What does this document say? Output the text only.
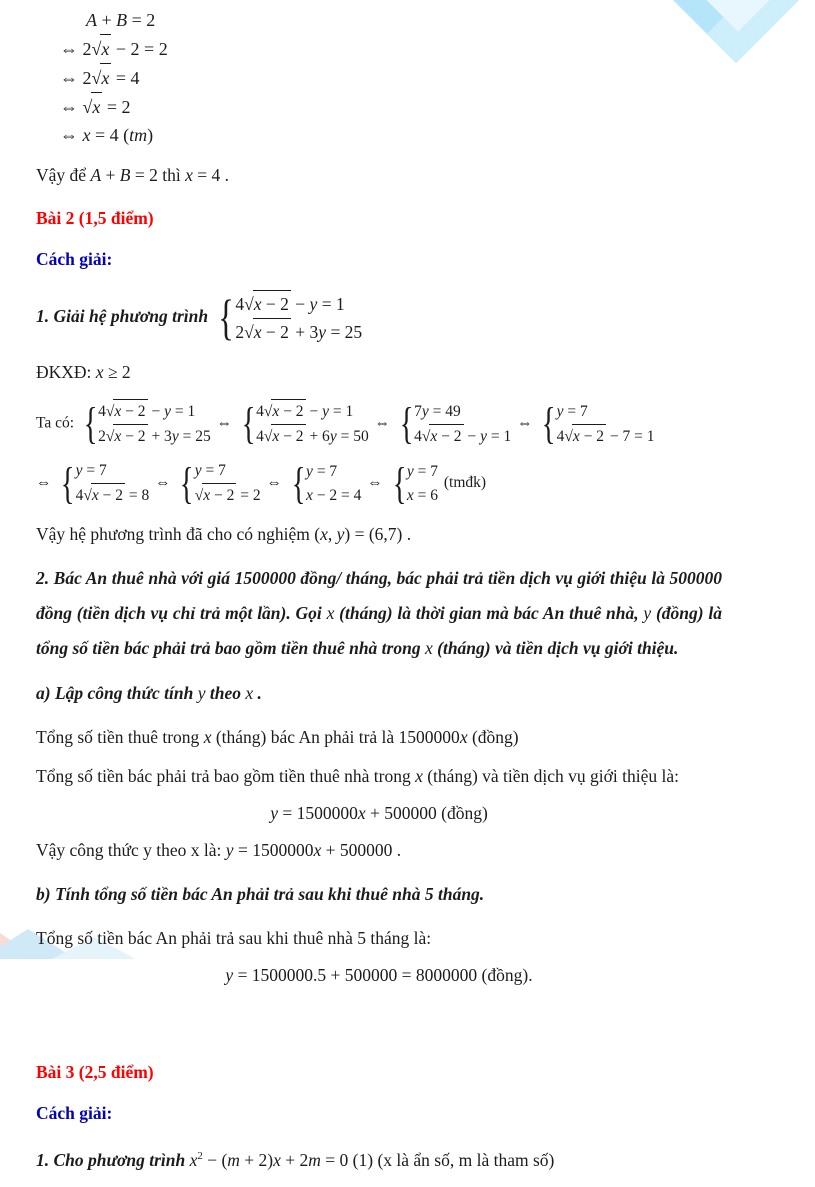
A + B = 2
⇔ 2√x − 2 = 2
⇔ 2√x = 4
⇔ √x = 2
⇔ x = 4 (tm)
Vậy để A + B = 2 thì x = 4 .
Bài 2 (1,5 điểm)
Cách giải:
1. Giải hệ phương trình { 4√x − 2 − y = 1
2√x − 2 + 3y = 25
ĐKXĐ: x ≥ 2
Ta có: { 4√x − 2 − y = 1
2√x − 2 + 3y = 25
⇔ { 4√x − 2 − y = 1
4√x − 2 + 6y = 50
⇔ { 7y = 49
4√x − 2 − y = 1
⇔ { y = 7
4√x − 2 − 7 = 1
⇔ { y = 7
4√x − 2 = 8
⇔ { y = 7
√x − 2 = 2
⇔ { y = 7
x − 2 = 4
⇔ { y = 7
x = 6
(tmđk)
Vậy hệ phương trình đã cho có nghiệm (x, y) = (6,7) .
2. Bác An thuê nhà với giá 1500000 đồng/ tháng, bác phải trả tiền dịch vụ giới thiệu là 500000 đồng (tiền dịch vụ chỉ trả một lần). Gọi x (tháng) là thời gian mà bác An thuê nhà, y (đồng) là tổng số tiền bác phải trả bao gồm tiền thuê nhà trong x (tháng) và tiền dịch vụ giới thiệu.
a) Lập công thức tính y theo x .
Tổng số tiền thuê trong x (tháng) bác An phải trả là 1500000x (đồng)
Tổng số tiền bác phải trả bao gồm tiền thuê nhà trong x (tháng) và tiền dịch vụ giới thiệu là:
y = 1500000x + 500000 (đồng)
Vậy công thức y theo x là: y = 1500000x + 500000 .
b) Tính tổng số tiền bác An phải trả sau khi thuê nhà 5 tháng.
Tổng số tiền bác An phải trả sau khi thuê nhà 5 tháng là:
y = 1500000.5 + 500000 = 8000000 (đồng).
Bài 3 (2,5 điểm)
Cách giải:
1. Cho phương trình $x^2 - (m + 2)x + 2m = 0$ (1) (x là ẩn số, m là tham số)
